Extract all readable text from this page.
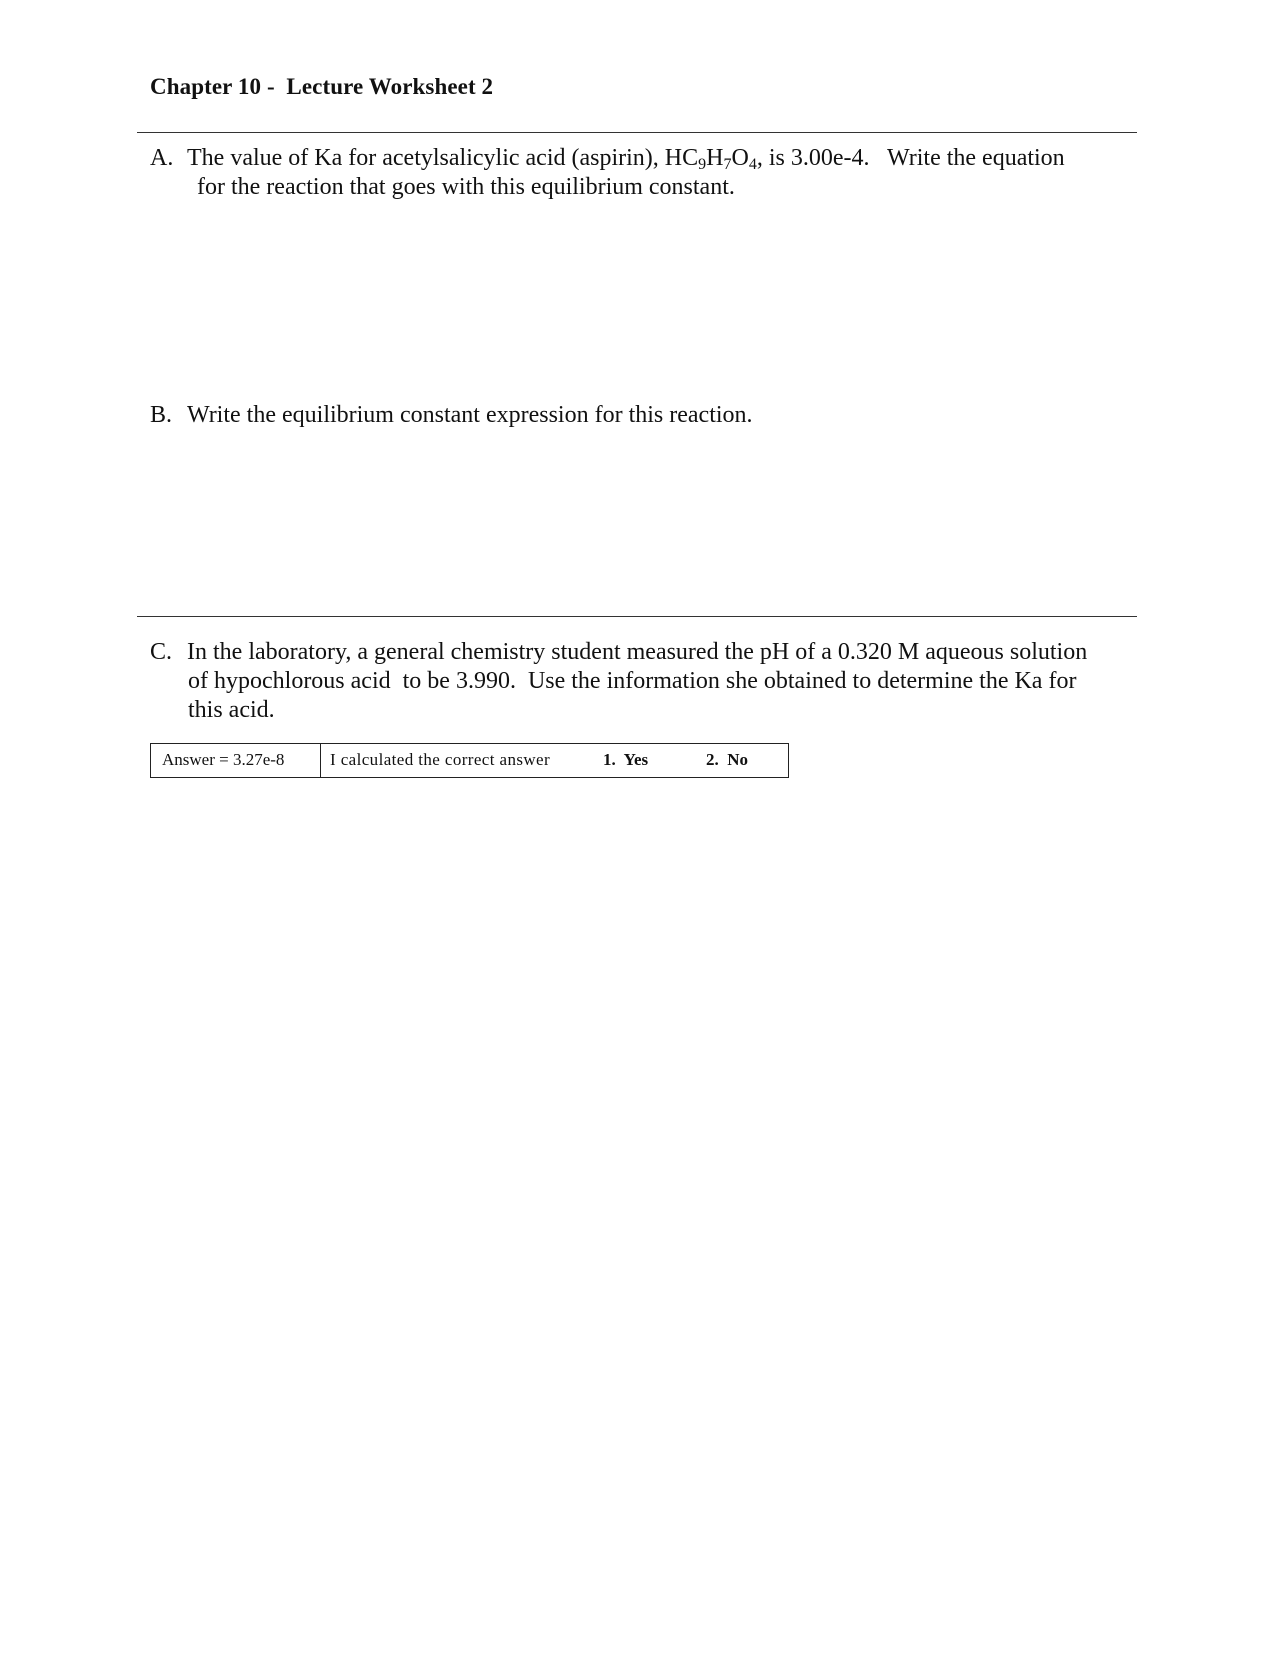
Chapter 10 -  Lecture Worksheet 2
A. The value of Ka for acetylsalicylic acid (aspirin), $HC_9H_7O_4$, is 3.00e-4.   Write the equation
for the reaction that goes with this equilibrium constant.
B. Write the equilibrium constant expression for this reaction.
C. In the laboratory, a general chemistry student measured the pH of a 0.320 M aqueous solution
of hypochlorous acid  to be 3.990.  Use the information she obtained to determine the Ka for
this acid.
Answer = 3.27e-8	I calculated the correct answer	1.  Yes	2.  No
